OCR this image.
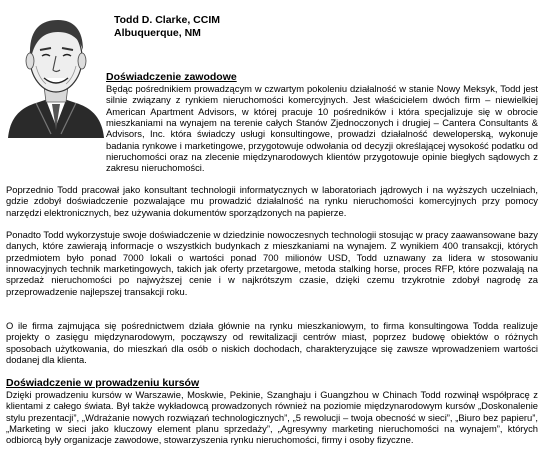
Todd D. Clarke, CCIM
Albuquerque, NM
Doświadczenie zawodowe

Będąc pośrednikiem prowadzącym w czwartym pokoleniu działalność w stanie Nowy Meksyk, Todd jest silnie związany z rynkiem nieruchomości komercyjnych. Jest właścicielem dwóch firm – niewielkiej American Apartment Advisors, w której pracuje 10 pośredników i która specjalizuje się w obrocie mieszkaniami na wynajem na terenie całych Stanów Zjednoczonych i drugiej – Cantera Consultants & Advisors, Inc. która świadczy usługi konsultingowe, prowadzi działalność deweloperską, wykonuje badania rynkowe i marketingowe, przygotowuje odwołania od decyzji określającej wysokość podatku od nieruchomości oraz na zlecenie międzynarodowych klientów przygotowuje opinie biegłych sądowych z zakresu nieruchomości.

Poprzednio Todd pracował jako konsultant technologii informatycznych w laboratoriach jądrowych i na wyższych uczelniach, gdzie zdobył doświadczenie pozwalające mu prowadzić działalność na rynku nieruchomości komercyjnych przy pomocy narzędzi elektronicznych, bez używania dokumentów sporządzonych na papierze.

Ponadto Todd wykorzystuje swoje doświadczenie w dziedzinie nowoczesnych technologii stosując w pracy zaawansowane bazy danych, które zawierają informacje o wszystkich budynkach z mieszkaniami na wynajem. Z wynikiem 400 transakcji, których przedmiotem było ponad 7000 lokali o wartości ponad 700 milionów USD, Todd uznawany za lidera w stosowaniu innowacyjnych technik marketingowych, takich jak oferty przetargowe, metoda stalking horse, proces RFP, które pozwalają na sprzedaż nieruchomości po najwyższej cenie i w najkrótszym czasie, dzięki czemu trzykrotnie zdobył nagrodę za przeprowadzenie najlepszej transakcji roku.

O ile firma zajmująca się pośrednictwem działa głównie na rynku mieszkaniowym, to firma konsultingowa Todda realizuje projekty o zasięgu międzynarodowym, począwszy od rewitalizacji centrów miast, poprzez budowę obiektów o różnych sposobach użytkowania, do mieszkań dla osób o niskich dochodach, charakteryzujące się zawsze wprowadzeniem wartości dodanej dla klienta.

Doświadczenie w prowadzeniu kursów

Dzięki prowadzeniu kursów w Warszawie, Moskwie, Pekinie, Szanghaju i Guangzhou w Chinach Todd rozwinął współpracę z klientami z całego świata. Był także wykładowcą prowadzonych również na poziomie międzynarodowym kursów „Doskonalenie stylu prezentacji”, „Wdrażanie nowych rozwiązań technologicznych”, „5 rewolucji – twoja obecność w sieci”, „Biuro bez papieru”, „Marketing w sieci jako kluczowy element planu sprzedaży”, „Agresywny marketing nieruchomości na wynajem”, których odbiorcą były organizacje zawodowe, stowarzyszenia rynku nieruchomości, firmy i osoby fizyczne.
